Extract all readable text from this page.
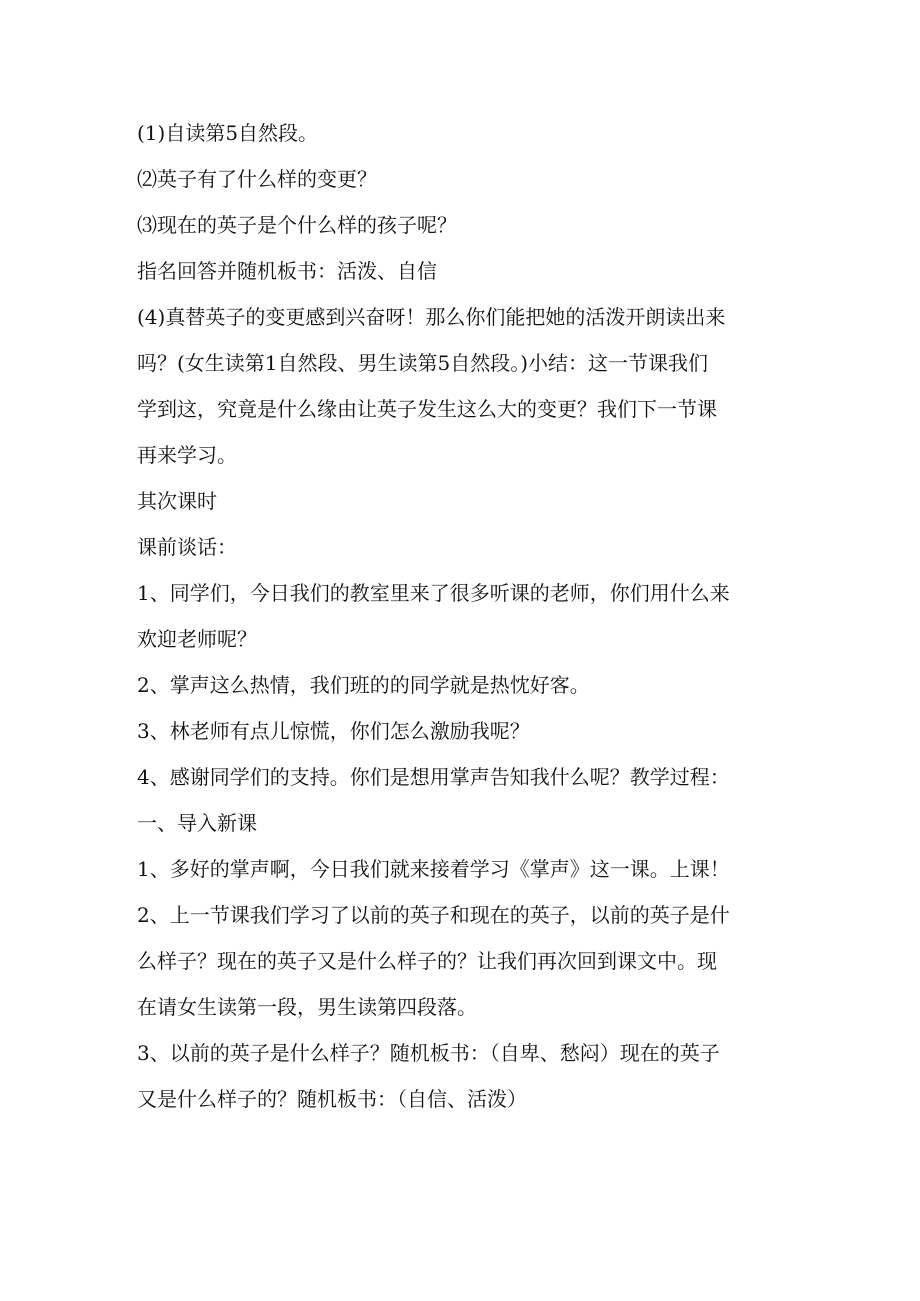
(1)自读第5自然段。
⑵英子有了什么样的变更？
⑶现在的英子是个什么样的孩子呢？
指名回答并随机板书：活泼、自信
(4)真替英子的变更感到兴奋呀！那么你们能把她的活泼开朗读出来
吗？(女生读第1自然段、男生读第5自然段。)小结：这一节课我们
学到这，究竟是什么缘由让英子发生这么大的变更？我们下一节课
再来学习。
其次课时
课前谈话：
1、同学们，今日我们的教室里来了很多听课的老师，你们用什么来
欢迎老师呢？
2、掌声这么热情，我们班的的同学就是热忱好客。
3、林老师有点儿惊慌，你们怎么激励我呢？
4、感谢同学们的支持。你们是想用掌声告知我什么呢？教学过程：
一、导入新课
1、多好的掌声啊，今日我们就来接着学习《掌声》这一课。上课！
2、上一节课我们学习了以前的英子和现在的英子，以前的英子是什
么样子？现在的英子又是什么样子的？让我们再次回到课文中。现
在请女生读第一段，男生读第四段落。
3、以前的英子是什么样子？随机板书：（自卑、愁闷）现在的英子
又是什么样子的？随机板书：（自信、活泼）
